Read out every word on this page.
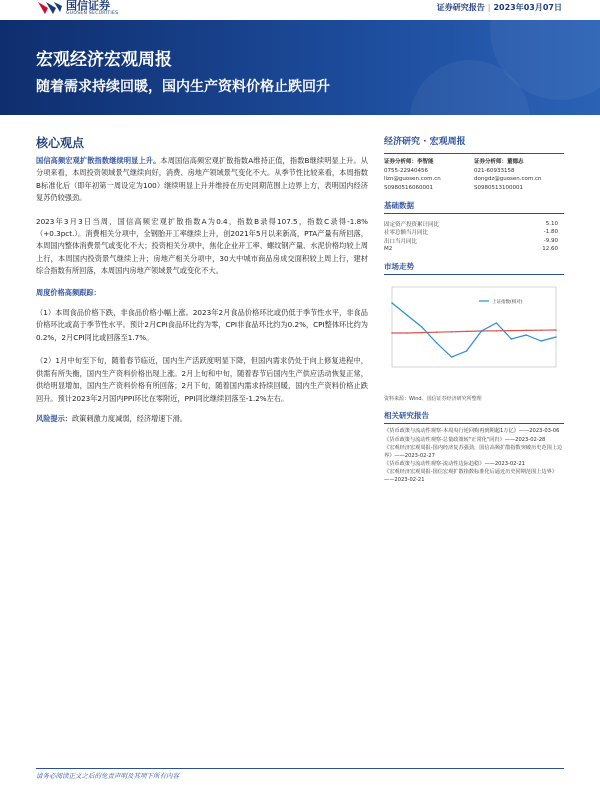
国信证券
GUOSEN SECURITIES
证券研究报告 | 2023年03月07日
宏观经济宏观周报
随着需求持续回暖，国内生产资料价格止跌回升
核心观点

国信高频宏观扩散指数继续明显上升。本周国信高频宏观扩散指数A维持正值，指数B继续明显上升。从分项来看，本周投资领域景气继续向好，消费、房地产领域景气变化不大。从季节性比较来看，本周指数B标准化后（即年初第一周设定为100）继续明显上升并维持在历史同期范围上边界上方，表明国内经济复苏仍较强劲。

2023年3月3日当周，国信高频宏观扩散指数A为0.4，指数B录得107.5，指数C录得-1.8%（+0.3pct.）。消费相关分项中，全钢胎开工率继续上升，创2021年5月以来新高，PTA产量有所回落，本周国内整体消费景气或变化不大；投资相关分项中，焦化企业开工率、螺纹钢产量、水泥价格均较上周上行，本周国内投资景气继续上升；房地产相关分项中，30大中城市商品房成交面积较上周上行，建材综合指数有所回落，本周国内房地产领域景气或变化不大。

周度价格高频跟踪：

（1）本周食品价格下跌，非食品价格小幅上涨。2023年2月食品价格环比或仍低于季节性水平，非食品价格环比或高于季节性水平。预计2月CPI食品环比约为零，CPI非食品环比约为0.2%，CPI整体环比约为0.2%，2月CPI同比或回落至1.7%。

（2）1月中旬至下旬，随着春节临近，国内生产活跃度明显下降，但国内需求仍处于向上修复进程中，供需有所失衡，国内生产资料价格出现上涨。2月上旬和中旬，随着春节后国内生产供应活动恢复正常，供给明显增加，国内生产资料价格有所回落；2月下旬，随着国内需求持续回暖，国内生产资料价格止跌回升。预计2023年2月国内PPI环比在零附近，PPI同比继续回落至-1.2%左右。

风险提示：政策刺激力度减弱，经济增速下滑。

经济研究 · 宏观周报
证券分析师：李智能
0755-22940456
lizn@guosen.com.cn
S0980516060001
证券分析师：董德志
021-60933158
dongdz@guosen.com.cn
S0980513100001
基础数据
固定资产投资累计同比	5.10
社零总额当月同比	-1.80
出口当月同比	-9.90
M2	12.60
市场走势
上证指数(相对)
资料来源：Wind、国信证券经济研究所整理
相关研究报告
《货币政策与流动性观察-本周央行逆回购再到期超1万亿》——2023-03-06
《货币政策与流动性观察-总量政策转"正常化"回归》——2023-02-28
《宏观经济宏观周报-国内经济复苏强劲，国信高频扩散指数突破历史范围上边界》——2023-02-27
《货币政策与流动性观察-流动性边际趋稳》——2023-02-21
《宏观经济宏观周报-国信宏观扩散指数标准化后逼近历史同期范围上边界》——2023-02-21
请务必阅读正文之后的免责声明及其项下所有内容
